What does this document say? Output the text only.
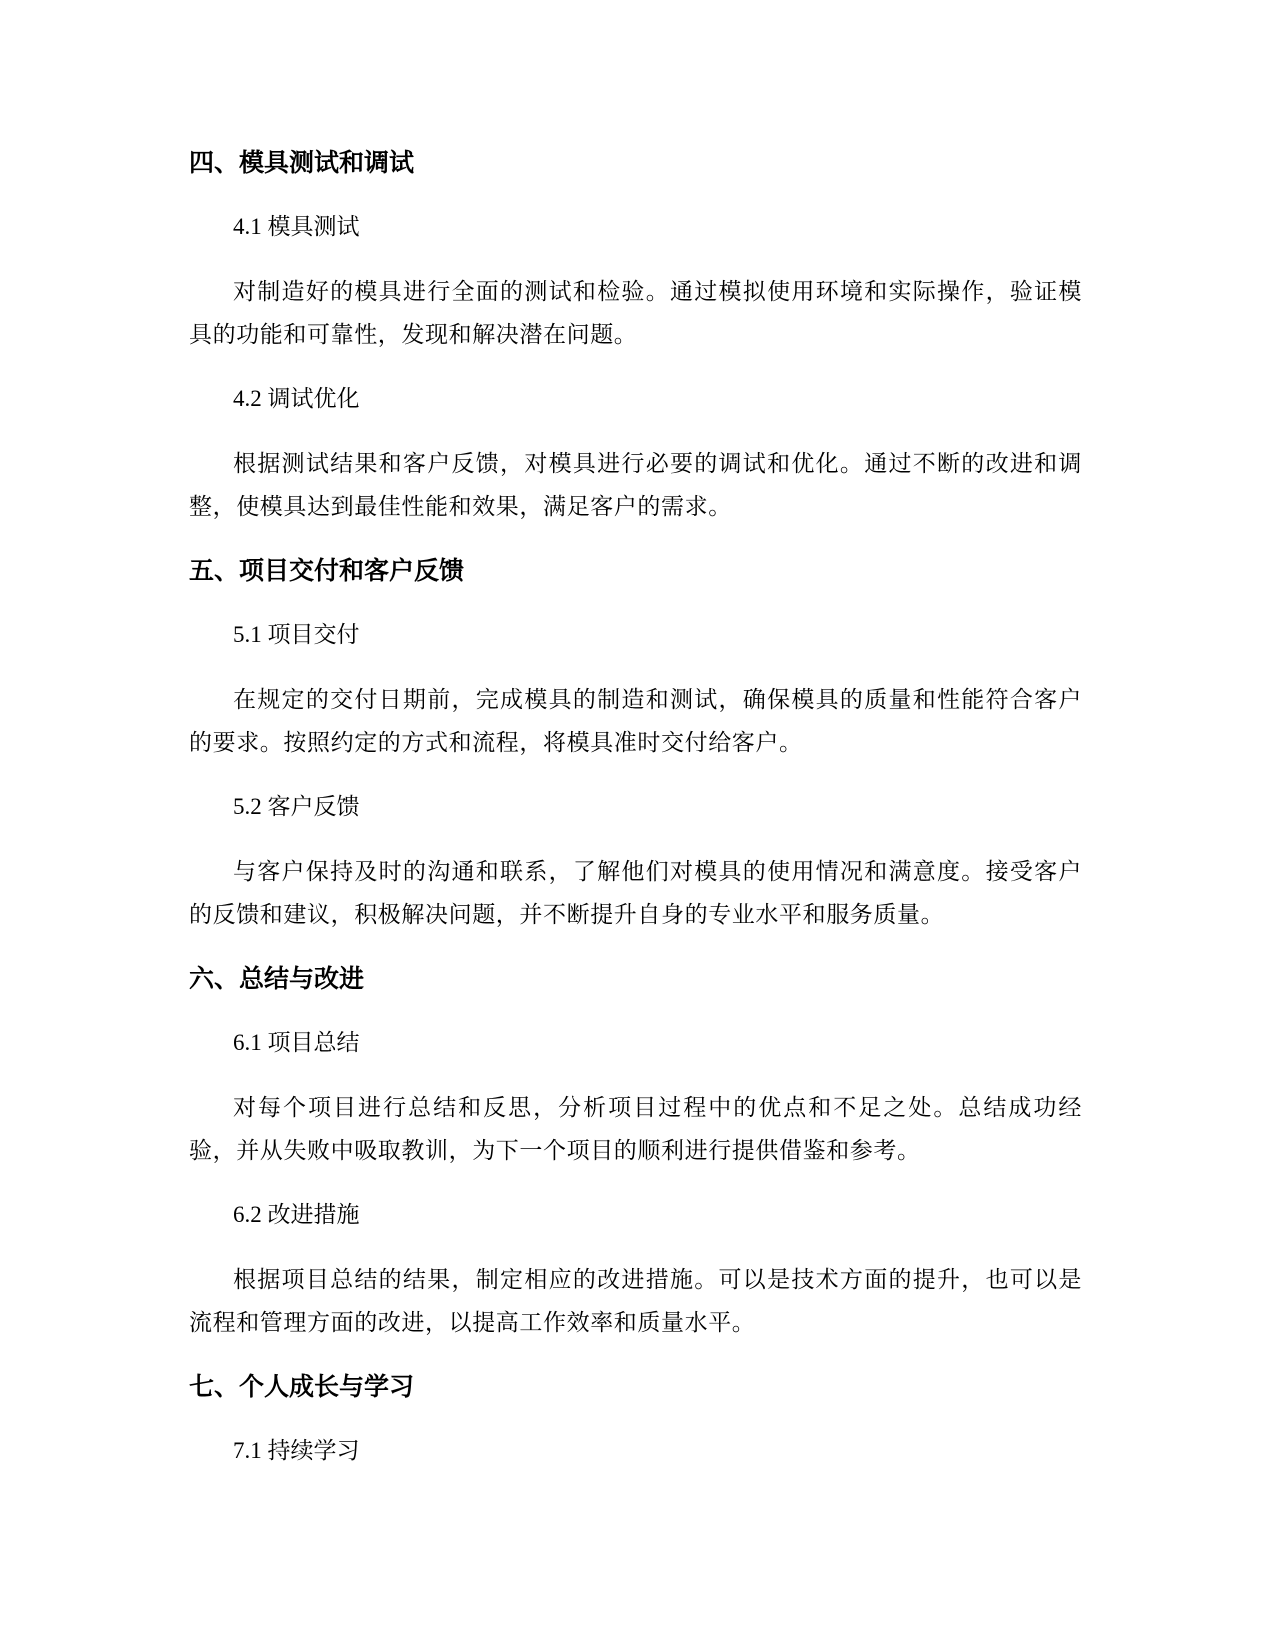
四、模具测试和调试
4.1 模具测试

对制造好的模具进行全面的测试和检验。通过模拟使用环境和实际操作，验证模具的功能和可靠性，发现和解决潜在问题。

4.2 调试优化

根据测试结果和客户反馈，对模具进行必要的调试和优化。通过不断的改进和调整，使模具达到最佳性能和效果，满足客户的需求。

五、项目交付和客户反馈
5.1 项目交付

在规定的交付日期前，完成模具的制造和测试，确保模具的质量和性能符合客户的要求。按照约定的方式和流程，将模具准时交付给客户。

5.2 客户反馈

与客户保持及时的沟通和联系，了解他们对模具的使用情况和满意度。接受客户的反馈和建议，积极解决问题，并不断提升自身的专业水平和服务质量。

六、总结与改进
6.1 项目总结

对每个项目进行总结和反思，分析项目过程中的优点和不足之处。总结成功经验，并从失败中吸取教训，为下一个项目的顺利进行提供借鉴和参考。

6.2 改进措施

根据项目总结的结果，制定相应的改进措施。可以是技术方面的提升，也可以是流程和管理方面的改进，以提高工作效率和质量水平。

七、个人成长与学习
7.1 持续学习
